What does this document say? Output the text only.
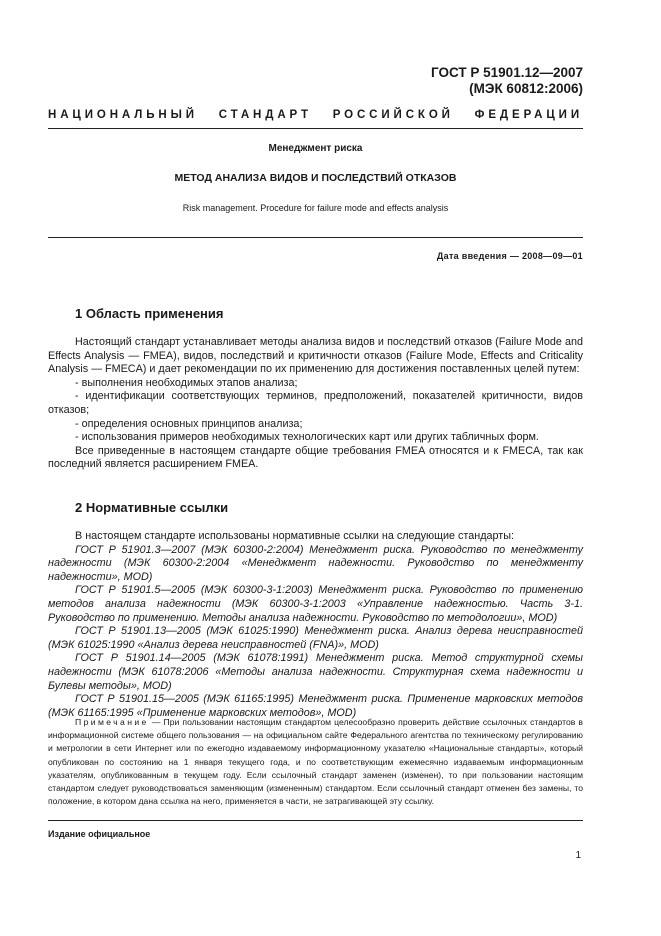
ГОСТ Р 51901.12—2007
(МЭК 60812:2006)
НАЦИОНАЛЬНЫЙ СТАНДАРТ РОССИЙСКОЙ ФЕДЕРАЦИИ
Менеджмент риска
МЕТОД АНАЛИЗА ВИДОВ И ПОСЛЕДСТВИЙ ОТКАЗОВ
Risk management. Procedure for failure mode and effects analysis
Дата введения — 2008—09—01
1 Область применения

Настоящий стандарт устанавливает методы анализа видов и последствий отказов (Failure Mode and Effects Analysis — FMEA), видов, последствий и критичности отказов (Failure Mode, Effects and Criticality Analysis — FMECA) и дает рекомендации по их применению для достижения поставленных целей путем:

- выполнения необходимых этапов анализа;

- идентификации соответствующих терминов, предположений, показателей критичности, видов отказов;

- определения основных принципов анализа;

- использования примеров необходимых технологических карт или других табличных форм.

Все приведенные в настоящем стандарте общие требования FMEA относятся и к FMECA, так как последний является расширением FMEA.

2 Нормативные ссылки

В настоящем стандарте использованы нормативные ссылки на следующие стандарты:

ГОСТ Р 51901.3—2007 (МЭК 60300-2:2004) Менеджмент риска. Руководство по менеджменту надежности (МЭК 60300-2:2004 «Менеджмент надежности. Руководство по менеджменту надежности», MOD)

ГОСТ Р 51901.5—2005 (МЭК 60300-3-1:2003) Менеджмент риска. Руководство по применению методов анализа надежности (МЭК 60300-3-1:2003 «Управление надежностью. Часть 3-1. Руководство по применению. Методы анализа надежности. Руководство по методологии», MOD)

ГОСТ Р 51901.13—2005 (МЭК 61025:1990) Менеджмент риска. Анализ дерева неисправностей (МЭК 61025:1990 «Анализ дерева неисправностей (FNA)», MOD)

ГОСТ Р 51901.14—2005 (МЭК 61078:1991) Менеджмент риска. Метод структурной схемы надежности (МЭК 61078:2006 «Методы анализа надежности. Структурная схема надежности и Булевы методы», MOD)

ГОСТ Р 51901.15—2005 (МЭК 61165:1995) Менеджмент риска. Применение марковских методов (МЭК 61165:1995 «Применение марковских методов», MOD)

Примечание — При пользовании настоящим стандартом целесообразно проверить действие ссылочных стандартов в информационной системе общего пользования — на официальном сайте Федерального агентства по техническому регулированию и метрологии в сети Интернет или по ежегодно издаваемому информационному указателю «Национальные стандарты», который опубликован по состоянию на 1 января текущего года, и по соответствующим ежемесячно издаваемым информационным указателям, опубликованным в текущем году. Если ссылочный стандарт заменен (изменен), то при пользовании настоящим стандартом следует руководствоваться заменяющим (измененным) стандартом. Если ссылочный стандарт отменен без замены, то положение, в котором дана ссылка на него, применяется в части, не затрагивающей эту ссылку.

Издание официальное
1
